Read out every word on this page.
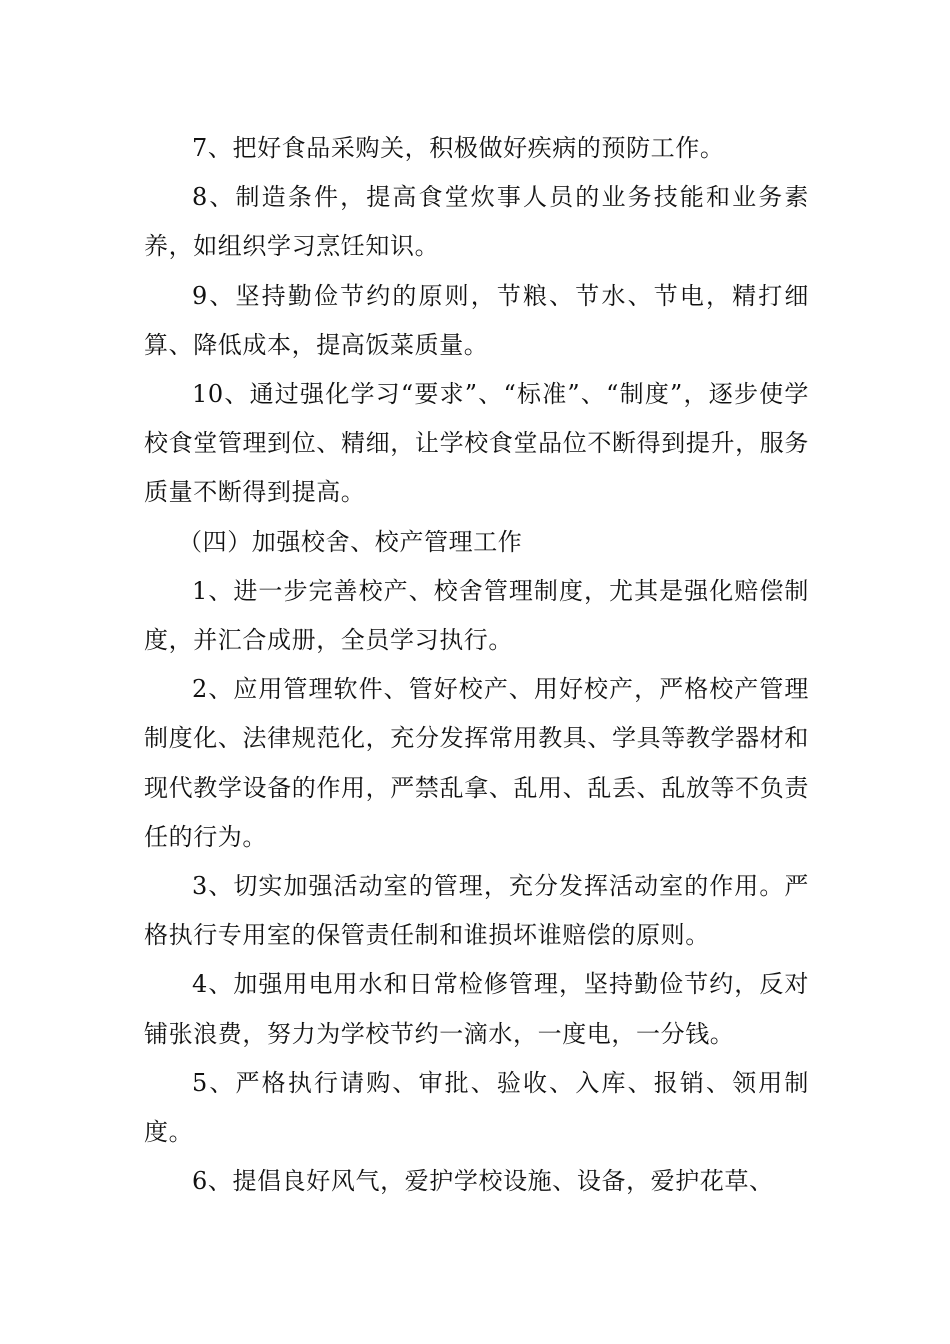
7、把好食品采购关，积极做好疾病的预防工作。

8、制造条件，提高食堂炊事人员的业务技能和业务素养，如组织学习烹饪知识。

9、坚持勤俭节约的原则，节粮、节水、节电，精打细算、降低成本，提高饭菜质量。

10、通过强化学习“要求”、“标准”、“制度”，逐步使学校食堂管理到位、精细，让学校食堂品位不断得到提升，服务质量不断得到提高。

（四）加强校舍、校产管理工作

1、进一步完善校产、校舍管理制度，尤其是强化赔偿制度，并汇合成册，全员学习执行。

2、应用管理软件、管好校产、用好校产，严格校产管理制度化、法律规范化，充分发挥常用教具、学具等教学器材和现代教学设备的作用，严禁乱拿、乱用、乱丢、乱放等不负责任的行为。

3、切实加强活动室的管理，充分发挥活动室的作用。严格执行专用室的保管责任制和谁损坏谁赔偿的原则。

4、加强用电用水和日常检修管理，坚持勤俭节约，反对铺张浪费，努力为学校节约一滴水，一度电，一分钱。

5、严格执行请购、审批、验收、入库、报销、领用制度。

6、提倡良好风气，爱护学校设施、设备，爱护花草、
